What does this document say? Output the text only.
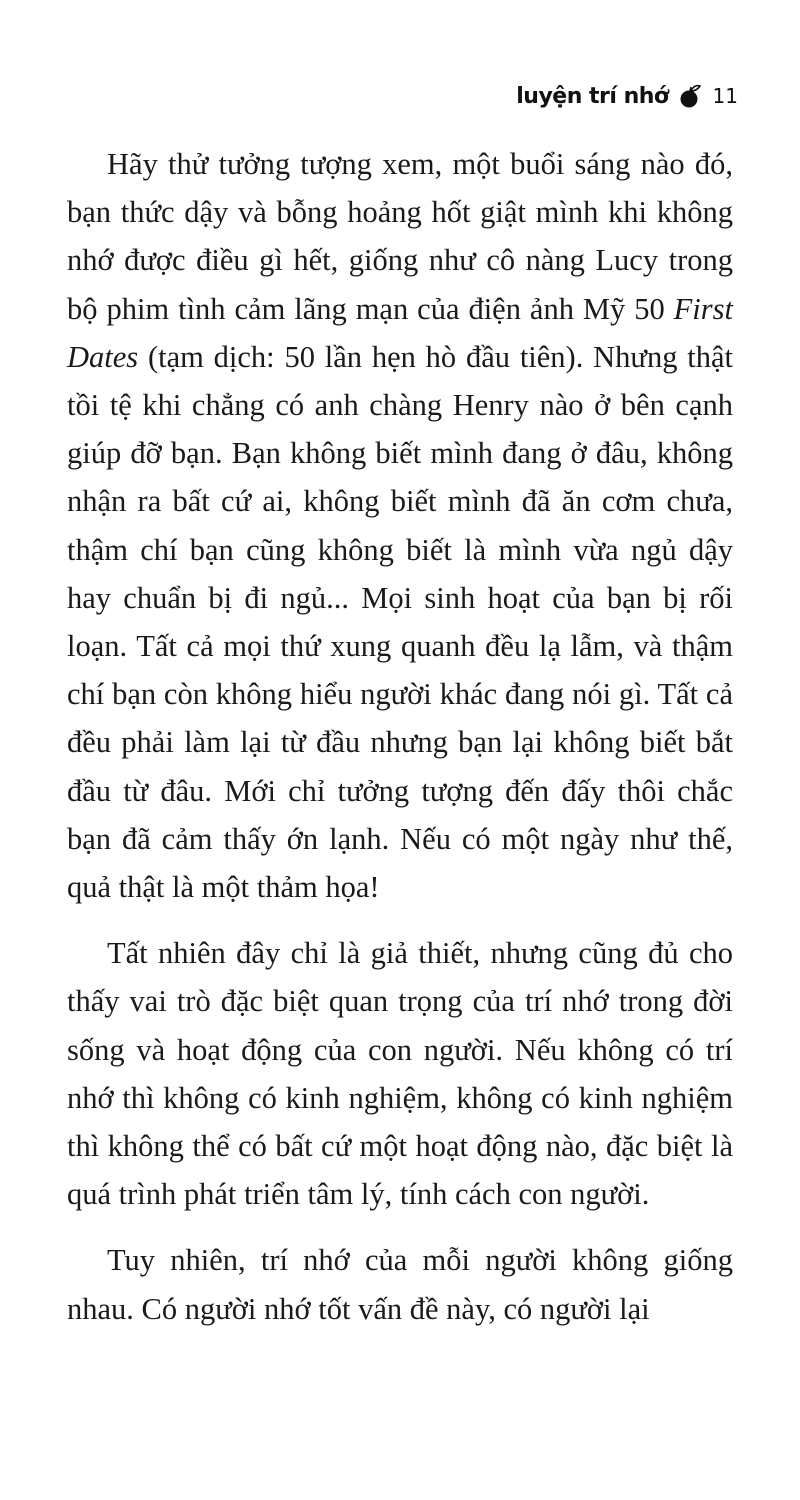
luyện trí nhớ 11

Hãy thử tưởng tượng xem, một buổi sáng nào đó, bạn thức dậy và bỗng hoảng hốt giật mình khi không nhớ được điều gì hết, giống như cô nàng Lucy trong bộ phim tình cảm lãng mạn của điện ảnh Mỹ 50 First Dates (tạm dịch: 50 lần hẹn hò đầu tiên). Nhưng thật tồi tệ khi chẳng có anh chàng Henry nào ở bên cạnh giúp đỡ bạn. Bạn không biết mình đang ở đâu, không nhận ra bất cứ ai, không biết mình đã ăn cơm chưa, thậm chí bạn cũng không biết là mình vừa ngủ dậy hay chuẩn bị đi ngủ... Mọi sinh hoạt của bạn bị rối loạn. Tất cả mọi thứ xung quanh đều lạ lẫm, và thậm chí bạn còn không hiểu người khác đang nói gì. Tất cả đều phải làm lại từ đầu nhưng bạn lại không biết bắt đầu từ đâu. Mới chỉ tưởng tượng đến đấy thôi chắc bạn đã cảm thấy ớn lạnh. Nếu có một ngày như thế, quả thật là một thảm họa!

Tất nhiên đây chỉ là giả thiết, nhưng cũng đủ cho thấy vai trò đặc biệt quan trọng của trí nhớ trong đời sống và hoạt động của con người. Nếu không có trí nhớ thì không có kinh nghiệm, không có kinh nghiệm thì không thể có bất cứ một hoạt động nào, đặc biệt là quá trình phát triển tâm lý, tính cách con người.

Tuy nhiên, trí nhớ của mỗi người không giống nhau. Có người nhớ tốt vấn đề này, có người lại
